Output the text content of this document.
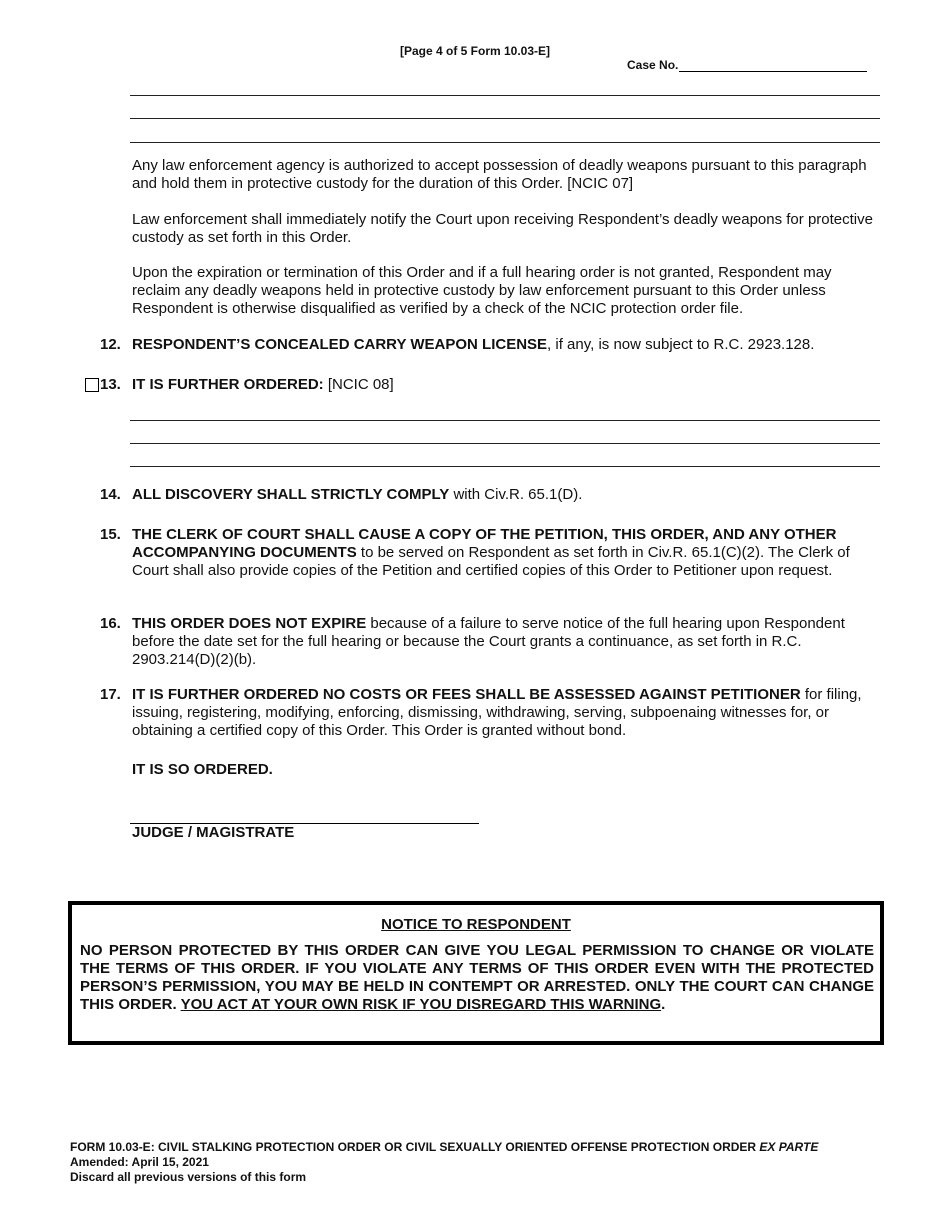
[Page 4 of 5 Form 10.03-E]
Case No.
Any law enforcement agency is authorized to accept possession of deadly weapons pursuant to this paragraph and hold them in protective custody for the duration of this Order. [NCIC 07]
Law enforcement shall immediately notify the Court upon receiving Respondent’s deadly weapons for protective custody as set forth in this Order.
Upon the expiration or termination of this Order and if a full hearing order is not granted, Respondent may reclaim any deadly weapons held in protective custody by law enforcement pursuant to this Order unless Respondent is otherwise disqualified as verified by a check of the NCIC protection order file.
12. RESPONDENT’S CONCEALED CARRY WEAPON LICENSE, if any, is now subject to R.C. 2923.128.
13. IT IS FURTHER ORDERED: [NCIC 08]
14. ALL DISCOVERY SHALL STRICTLY COMPLY with Civ.R. 65.1(D).
15. THE CLERK OF COURT SHALL CAUSE A COPY OF THE PETITION, THIS ORDER, AND ANY OTHER ACCOMPANYING DOCUMENTS to be served on Respondent as set forth in Civ.R. 65.1(C)(2). The Clerk of Court shall also provide copies of the Petition and certified copies of this Order to Petitioner upon request.
16. THIS ORDER DOES NOT EXPIRE because of a failure to serve notice of the full hearing upon Respondent before the date set for the full hearing or because the Court grants a continuance, as set forth in R.C. 2903.214(D)(2)(b).
17. IT IS FURTHER ORDERED NO COSTS OR FEES SHALL BE ASSESSED AGAINST PETITIONER for filing, issuing, registering, modifying, enforcing, dismissing, withdrawing, serving, subpoenaing witnesses for, or obtaining a certified copy of this Order. This Order is granted without bond.
IT IS SO ORDERED.
JUDGE / MAGISTRATE
NOTICE TO RESPONDENT
NO PERSON PROTECTED BY THIS ORDER CAN GIVE YOU LEGAL PERMISSION TO CHANGE OR VIOLATE THE TERMS OF THIS ORDER. IF YOU VIOLATE ANY TERMS OF THIS ORDER EVEN WITH THE PROTECTED PERSON’S PERMISSION, YOU MAY BE HELD IN CONTEMPT OR ARRESTED. ONLY THE COURT CAN CHANGE THIS ORDER. YOU ACT AT YOUR OWN RISK IF YOU DISREGARD THIS WARNING.
FORM 10.03-E: CIVIL STALKING PROTECTION ORDER OR CIVIL SEXUALLY ORIENTED OFFENSE PROTECTION ORDER EX PARTE
Amended: April 15, 2021
Discard all previous versions of this form
